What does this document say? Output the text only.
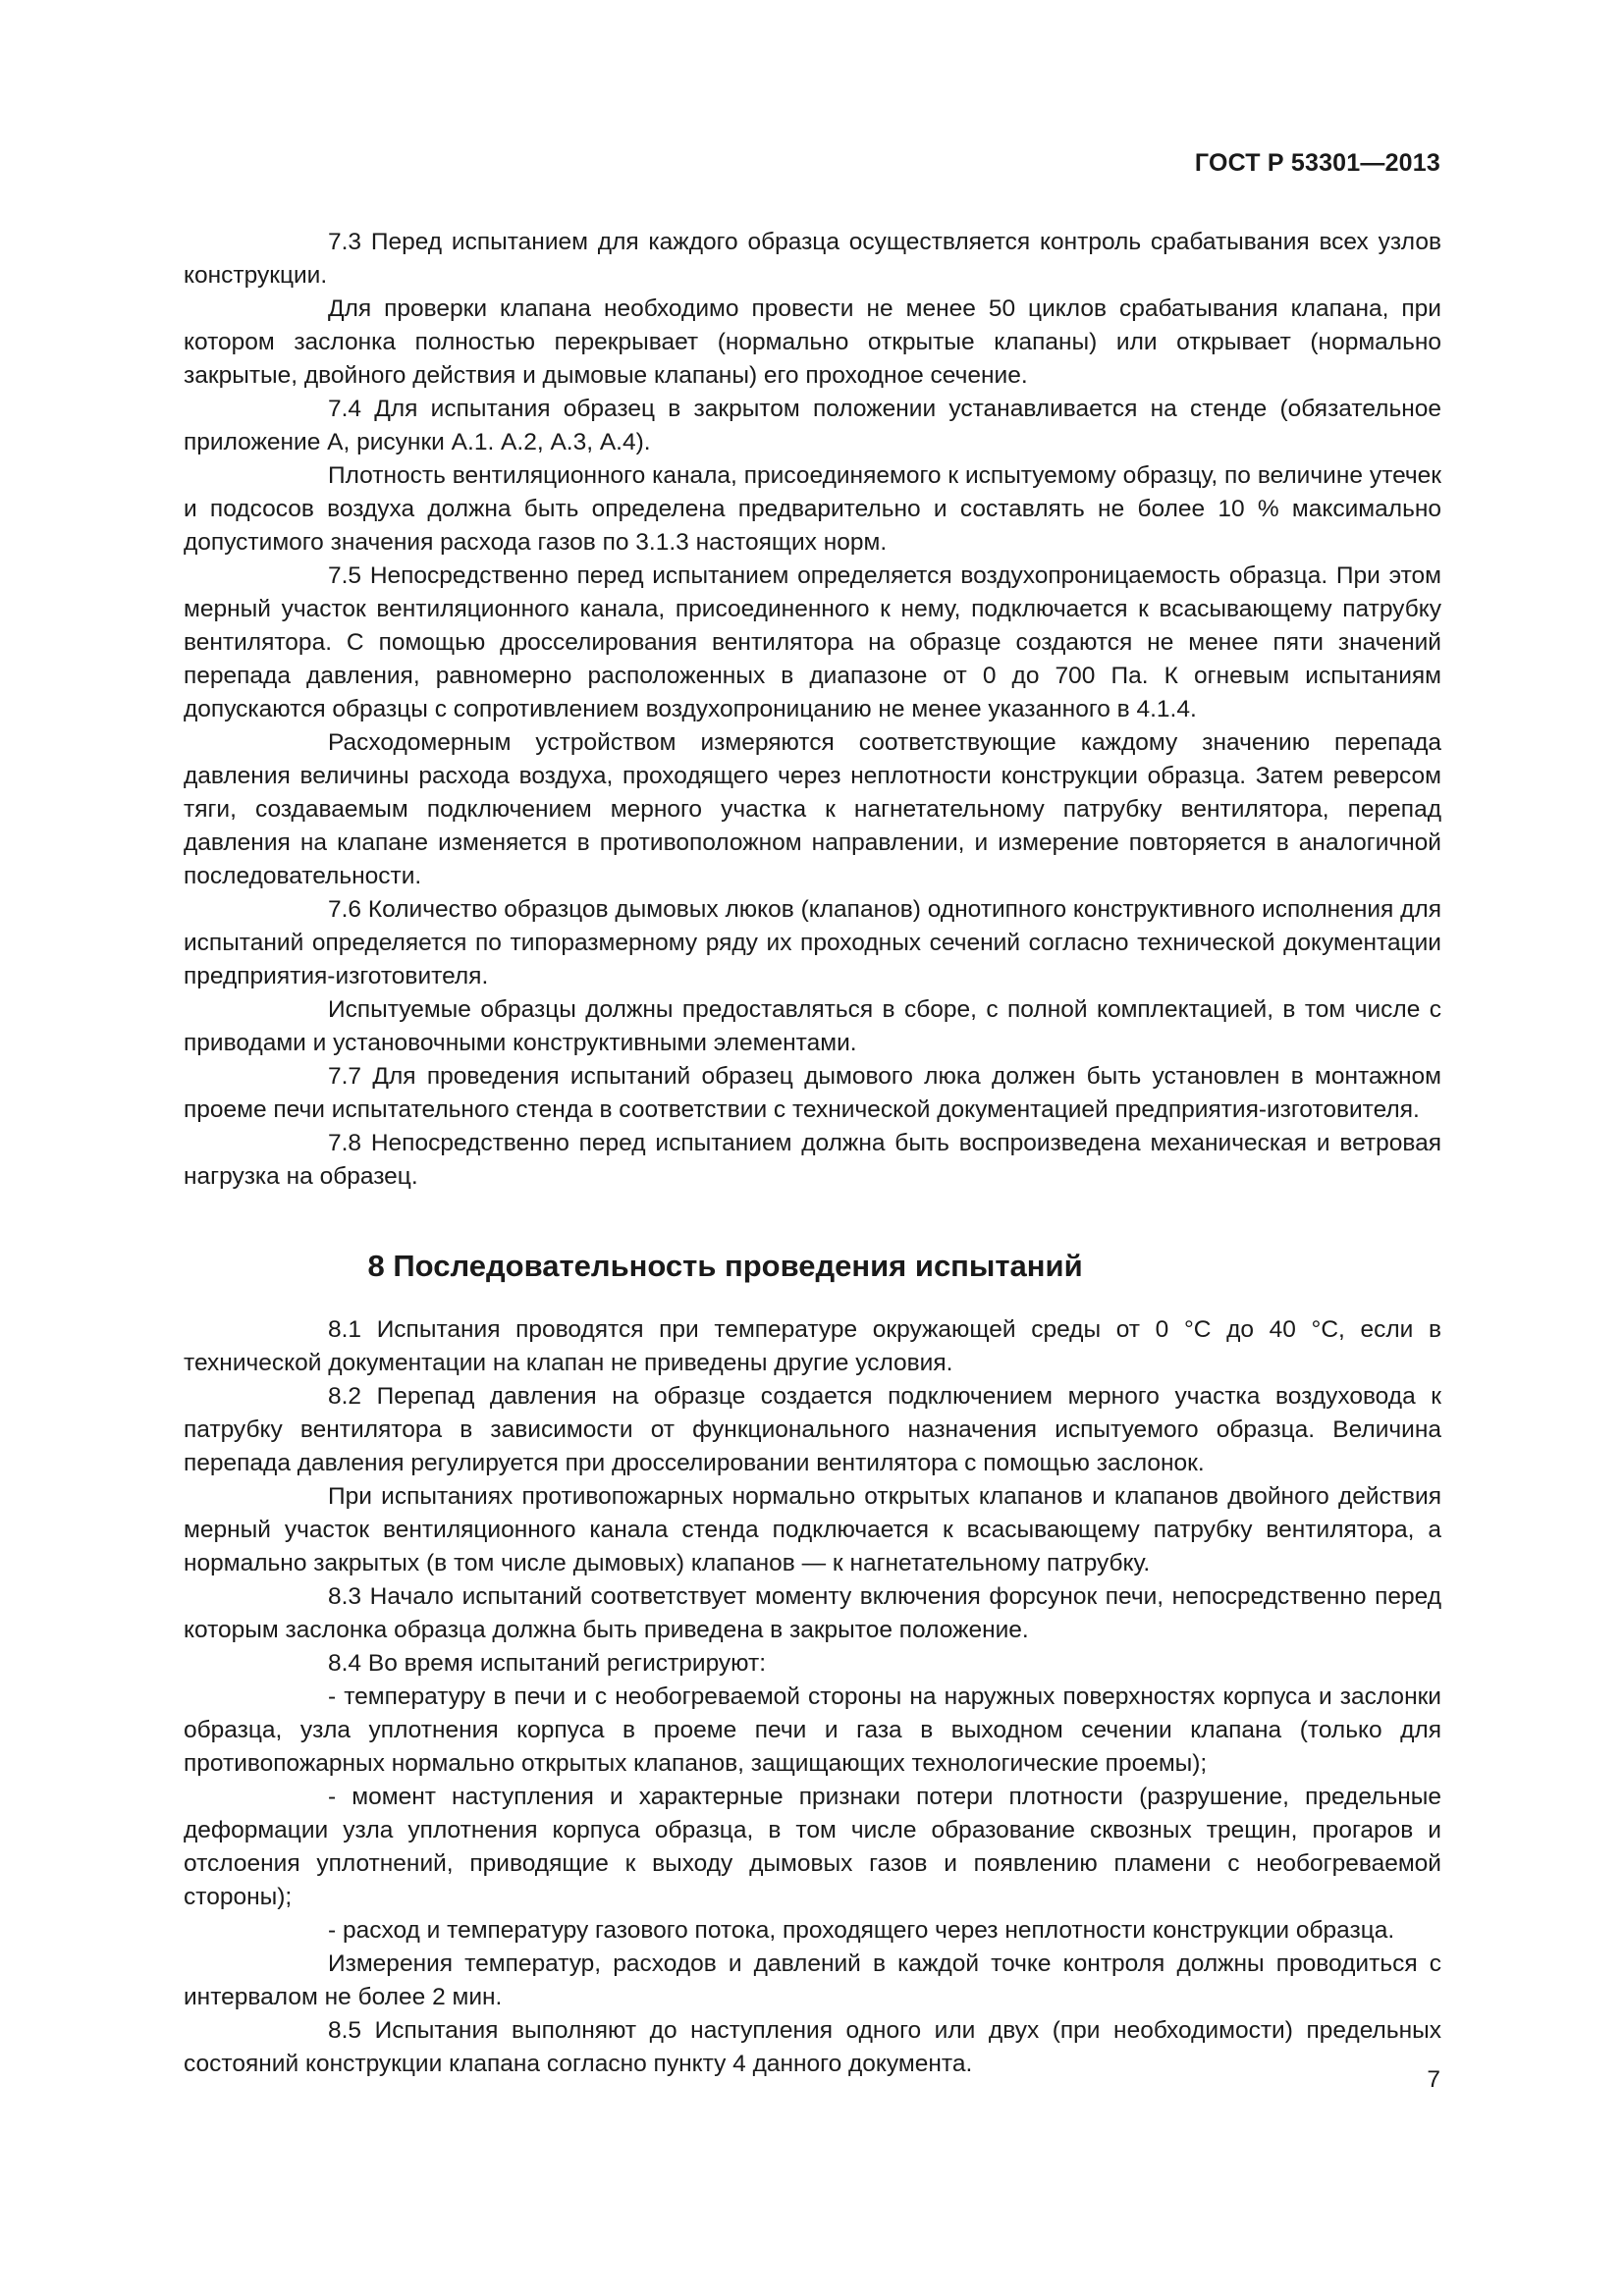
ГОСТ Р 53301—2013

7.3 Перед испытанием для каждого образца осуществляется контроль срабатывания всех узлов конструкции.

Для проверки клапана необходимо провести не менее 50 циклов срабатывания клапана, при котором заслонка полностью перекрывает (нормально открытые клапаны) или открывает (нормально закрытые, двойного действия и дымовые клапаны) его проходное сечение.

7.4 Для испытания образец в закрытом положении устанавливается на стенде (обязательное приложение А, рисунки А.1. А.2, А.3, А.4).

Плотность вентиляционного канала, присоединяемого к испытуемому образцу, по величине утечек и подсосов воздуха должна быть определена предварительно и составлять не более 10 % максимально допустимого значения расхода газов по 3.1.3 настоящих норм.

7.5 Непосредственно перед испытанием определяется воздухопроницаемость образца. При этом мерный участок вентиляционного канала, присоединенного к нему, подключается к всасывающему патрубку вентилятора. С помощью дросселирования вентилятора на образце создаются не менее пяти значений перепада давления, равномерно расположенных в диапазоне от 0 до 700 Па. К огневым испытаниям допускаются образцы с сопротивлением воздухопроницанию не менее указанного в 4.1.4.

Расходомерным устройством измеряются соответствующие каждому значению перепада давления величины расхода воздуха, проходящего через неплотности конструкции образца. Затем реверсом тяги, создаваемым подключением мерного участка к нагнетательному патрубку вентилятора, перепад давления на клапане изменяется в противоположном направлении, и измерение повторяется в аналогичной последовательности.

7.6 Количество образцов дымовых люков (клапанов) однотипного конструктивного исполнения для испытаний определяется по типоразмерному ряду их проходных сечений согласно технической документации предприятия-изготовителя.

Испытуемые образцы должны предоставляться в сборе, с полной комплектацией, в том числе с приводами и установочными конструктивными элементами.

7.7 Для проведения испытаний образец дымового люка должен быть установлен в монтажном проеме печи испытательного стенда в соответствии с технической документацией предприятия-изготовителя.

7.8 Непосредственно перед испытанием должна быть воспроизведена механическая и ветровая нагрузка на образец.

8 Последовательность проведения испытаний

8.1 Испытания проводятся при температуре окружающей среды от 0 °С до 40 °С, если в технической документации на клапан не приведены другие условия.

8.2 Перепад давления на образце создается подключением мерного участка воздуховода к патрубку вентилятора в зависимости от функционального назначения испытуемого образца. Величина перепада давления регулируется при дросселировании вентилятора с помощью заслонок.

При испытаниях противопожарных нормально открытых клапанов и клапанов двойного действия мерный участок вентиляционного канала стенда подключается к всасывающему патрубку вентилятора, а нормально закрытых (в том числе дымовых) клапанов — к нагнетательному патрубку.

8.3 Начало испытаний соответствует моменту включения форсунок печи, непосредственно перед которым заслонка образца должна быть приведена в закрытое положение.

8.4 Во время испытаний регистрируют:

- температуру в печи и с необогреваемой стороны на наружных поверхностях корпуса и заслонки образца, узла уплотнения корпуса в проеме печи и газа в выходном сечении клапана (только для противопожарных нормально открытых клапанов, защищающих технологические проемы);

- момент наступления и характерные признаки потери плотности (разрушение, предельные деформации узла уплотнения корпуса образца, в том числе образование сквозных трещин, прогаров и отслоения уплотнений, приводящие к выходу дымовых газов и появлению пламени с необогреваемой стороны);

- расход и температуру газового потока, проходящего через неплотности конструкции образца.

Измерения температур, расходов и давлений в каждой точке контроля должны проводиться с интервалом не более 2 мин.

8.5 Испытания выполняют до наступления одного или двух (при необходимости) предельных состояний конструкции клапана согласно пункту 4 данного документа.

7
